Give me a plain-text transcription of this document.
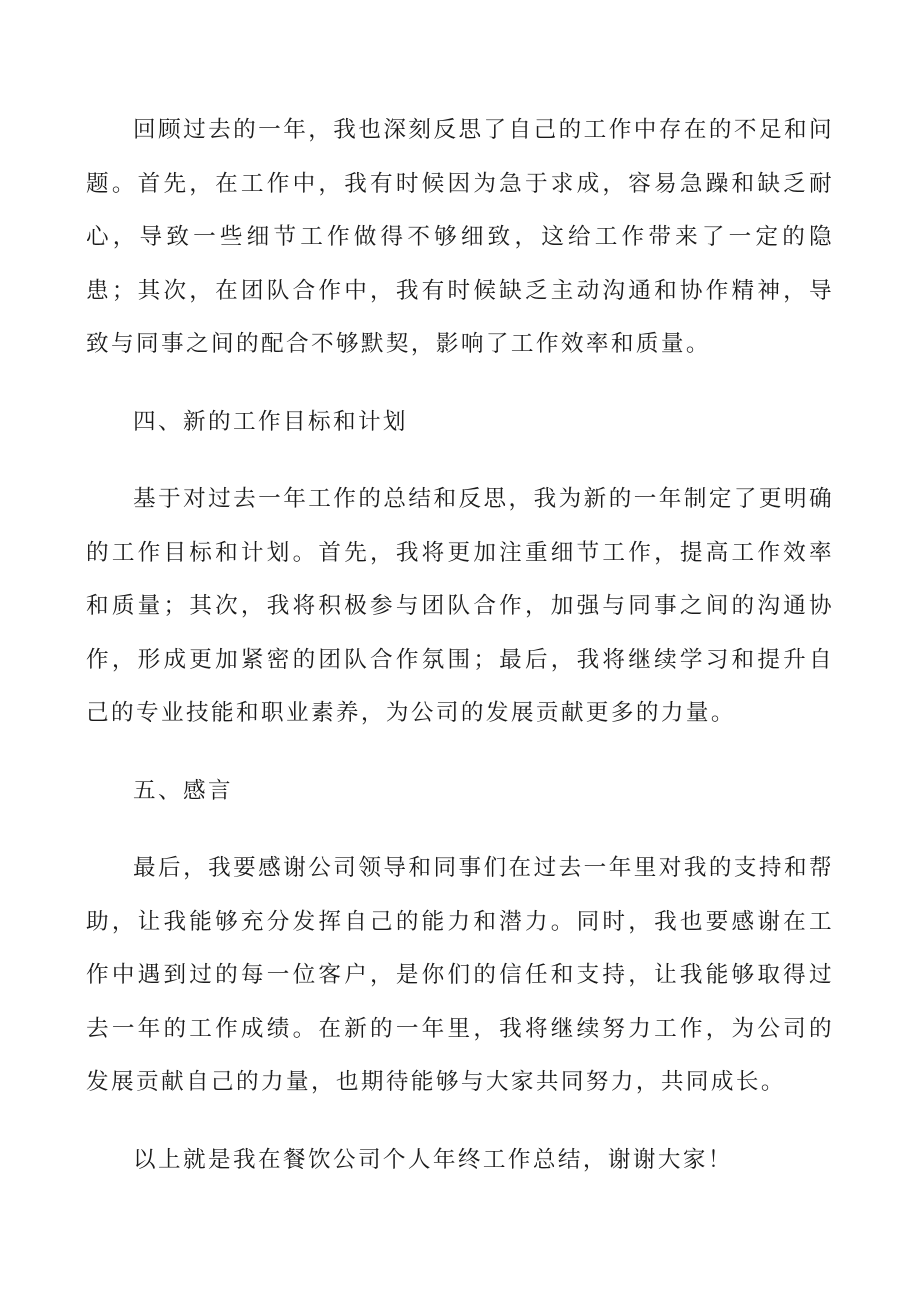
回顾过去的一年，我也深刻反思了自己的工作中存在的不足和问题。首先，在工作中，我有时候因为急于求成，容易急躁和缺乏耐心，导致一些细节工作做得不够细致，这给工作带来了一定的隐患；其次，在团队合作中，我有时候缺乏主动沟通和协作精神，导致与同事之间的配合不够默契，影响了工作效率和质量。

四、新的工作目标和计划

基于对过去一年工作的总结和反思，我为新的一年制定了更明确的工作目标和计划。首先，我将更加注重细节工作，提高工作效率和质量；其次，我将积极参与团队合作，加强与同事之间的沟通协作，形成更加紧密的团队合作氛围；最后，我将继续学习和提升自己的专业技能和职业素养，为公司的发展贡献更多的力量。

五、感言

最后，我要感谢公司领导和同事们在过去一年里对我的支持和帮助，让我能够充分发挥自己的能力和潜力。同时，我也要感谢在工作中遇到过的每一位客户，是你们的信任和支持，让我能够取得过去一年的工作成绩。在新的一年里，我将继续努力工作，为公司的发展贡献自己的力量，也期待能够与大家共同努力，共同成长。

以上就是我在餐饮公司个人年终工作总结，谢谢大家！
